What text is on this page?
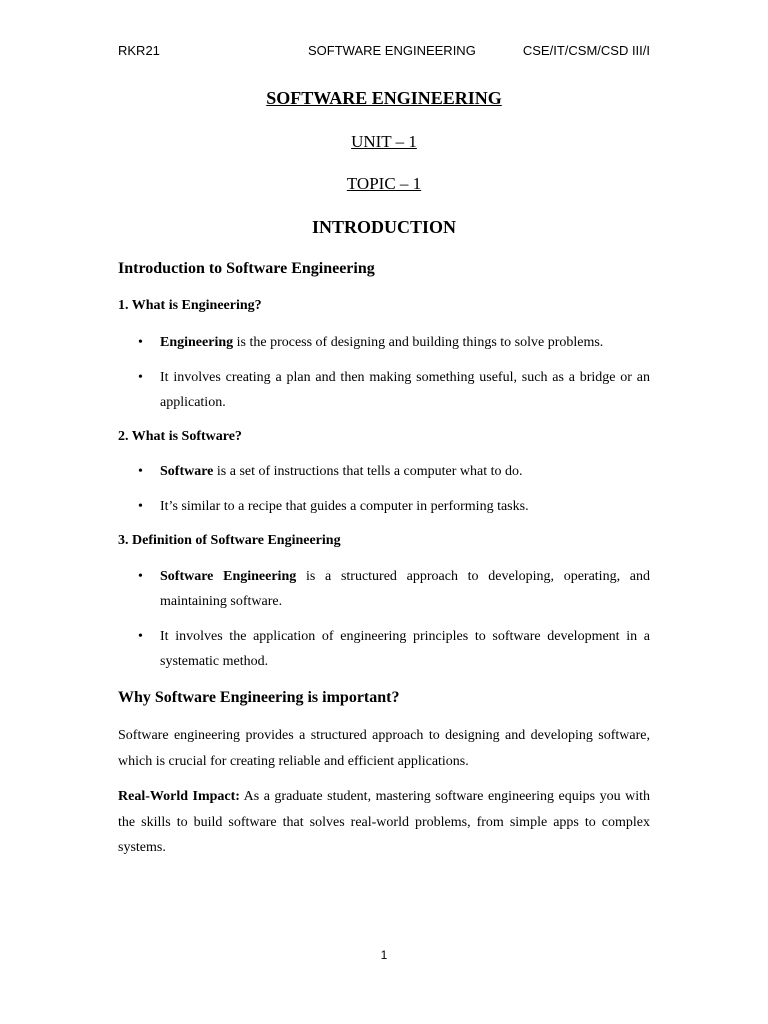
RKR21	SOFTWARE ENGINEERING	CSE/IT/CSM/CSD III/I
SOFTWARE ENGINEERING
UNIT – 1
TOPIC – 1
INTRODUCTION
Introduction to Software Engineering
1. What is Engineering?
• Engineering is the process of designing and building things to solve problems.
• It involves creating a plan and then making something useful, such as a bridge or an application.
2. What is Software?
• Software is a set of instructions that tells a computer what to do.
• It’s similar to a recipe that guides a computer in performing tasks.
3. Definition of Software Engineering
• Software Engineering is a structured approach to developing, operating, and maintaining software.
• It involves the application of engineering principles to software development in a systematic method.
Why Software Engineering is important?
Software engineering provides a structured approach to designing and developing software, which is crucial for creating reliable and efficient applications.
Real-World Impact: As a graduate student, mastering software engineering equips you with the skills to build software that solves real-world problems, from simple apps to complex systems.
1
